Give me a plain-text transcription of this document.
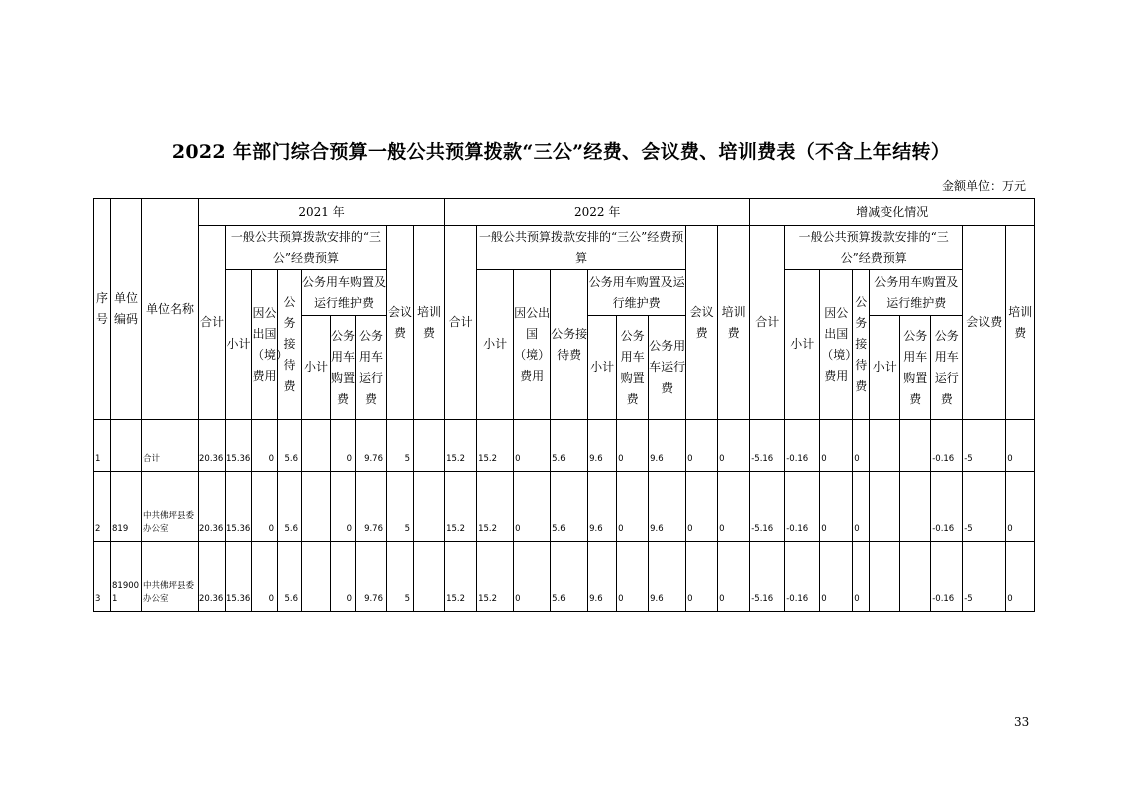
2022 年部门综合预算一般公共预算拨款“三公”经费、会议费、培训费表（不含上年结转）
金额单位：万元
序号	单位编码	单位名称	2021 年									2022 年									增减变化情况								
			合计	一般公共预算拨款安排的“三公”经费预算						会议费	培训费	合计	一般公共预算拨款安排的“三公”经费预算						会议费	培训费	合计	一般公共预算拨款安排的“三公”经费预算						会议费	培训费
				小计	因公出国（境）费用	公务接待费	公务用车购置及运行维护费						小计	因公出国（境）费用	公务接待费	公务用车购置及运行维护费						小计	因公出国（境）费用	公务接待费	公务用车购置及运行维护费				
							小计	公务用车购置费	公务用车运行费							小计	公务用车购置费	公务用车运行费							小计	公务用车购置费	公务用车运行费		
1		合计	20.36	15.36	0	5.6		0	9.76	5		15.2	15.2	0	5.6	9.6	0	9.6	0	0	-5.16	-0.16	0	0			-0.16	-5	0
2	819	中共佛坪县委办公室	20.36	15.36	0	5.6		0	9.76	5		15.2	15.2	0	5.6	9.6	0	9.6	0	0	-5.16	-0.16	0	0			-0.16	-5	0
3	819001	中共佛坪县委办公室	20.36	15.36	0	5.6		0	9.76	5		15.2	15.2	0	5.6	9.6	0	9.6	0	0	-5.16	-0.16	0	0			-0.16	-5	0
33
